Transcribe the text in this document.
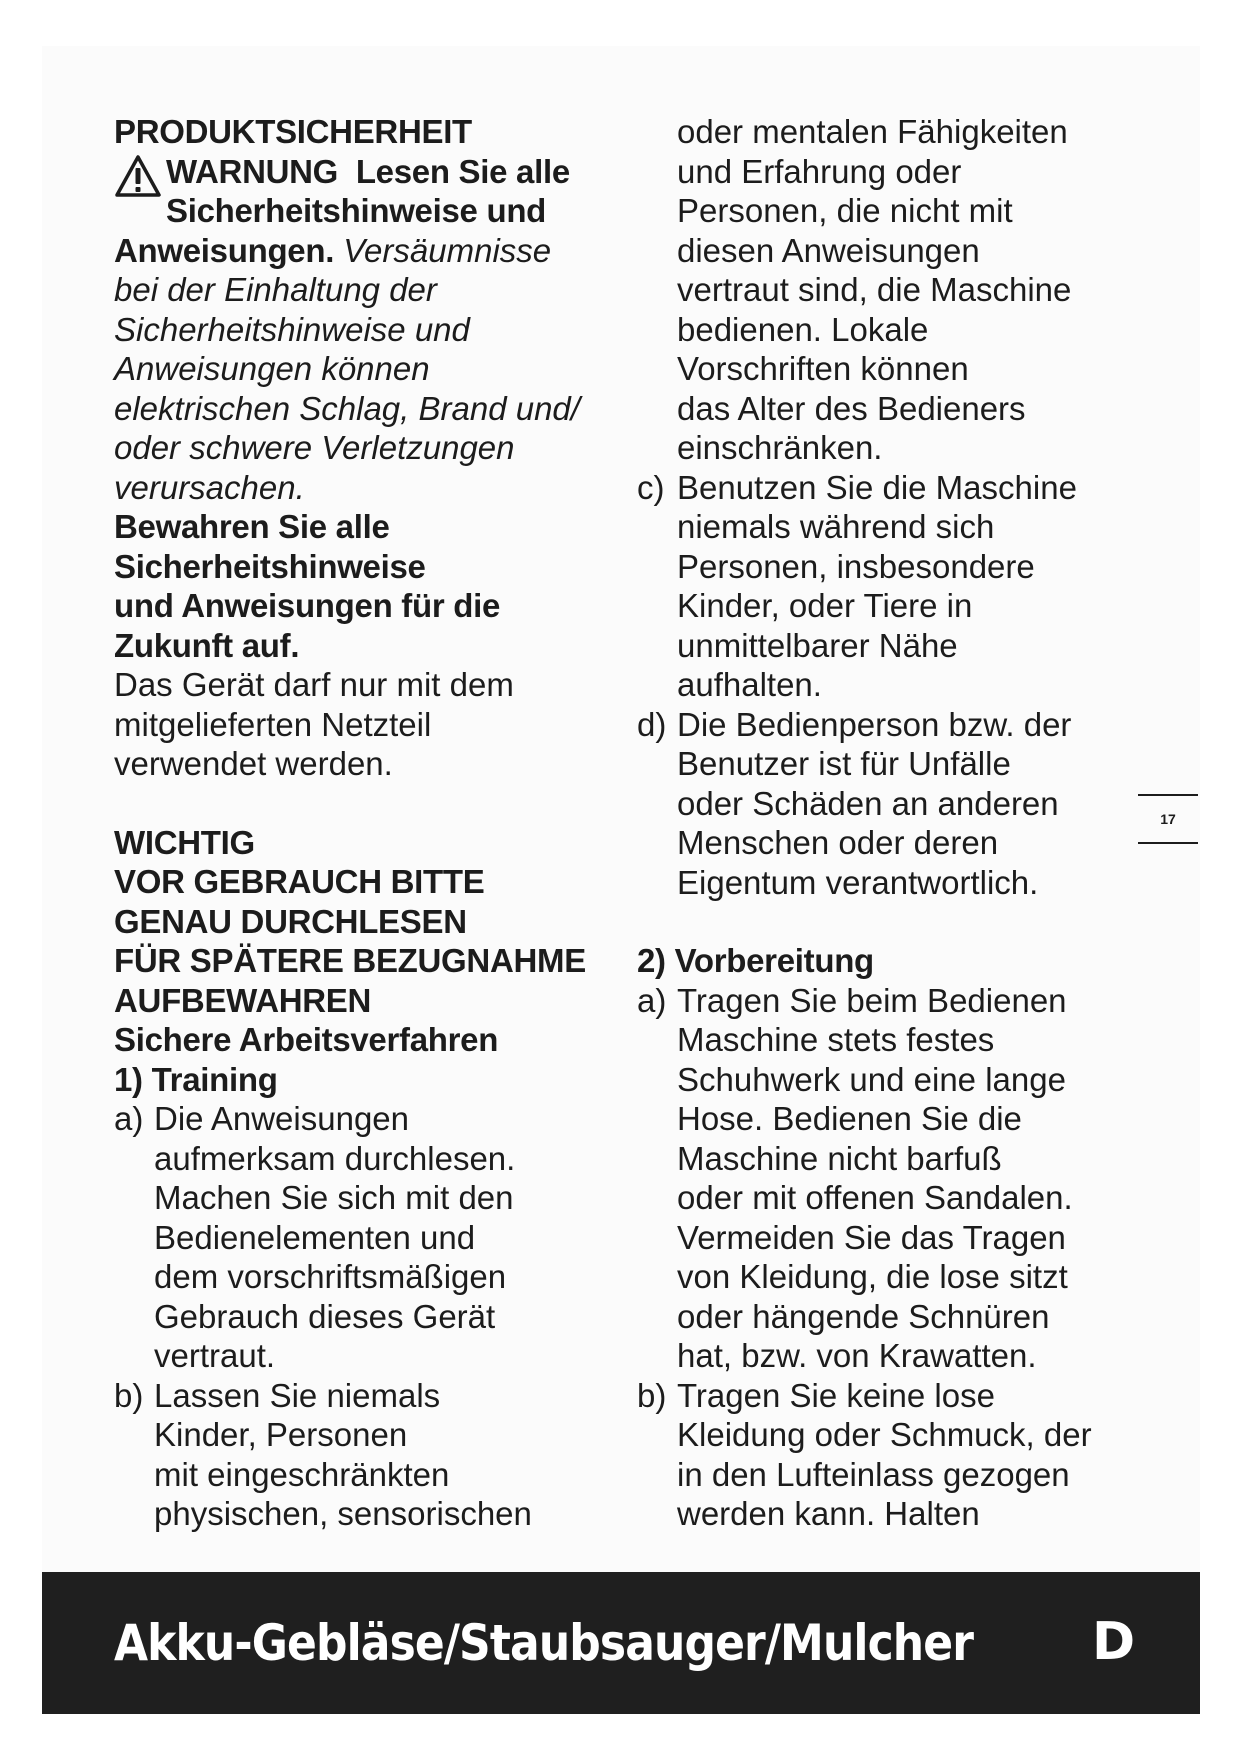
PRODUKTSICHERHEIT
WARNUNG Lesen Sie alle
Sicherheitshinweise und
Anweisungen. Versäumnisse
bei der Einhaltung der
Sicherheitshinweise und
Anweisungen können
elektrischen Schlag, Brand und/
oder schwere Verletzungen
verursachen.
Bewahren Sie alle
Sicherheitshinweise
und Anweisungen für die
Zukunft auf.
Das Gerät darf nur mit dem
mitgelieferten Netzteil
verwendet werden.
WICHTIG
VOR GEBRAUCH BITTE
GENAU DURCHLESEN
FÜR SPÄTERE BEZUGNAHME
AUFBEWAHREN
Sichere Arbeitsverfahren
1) Training
a) Die Anweisungen
aufmerksam durchlesen.
Machen Sie sich mit den
Bedienelementen und
dem vorschriftsmäßigen
Gebrauch dieses Gerät
vertraut.
b) Lassen Sie niemals
Kinder, Personen
mit eingeschränkten
physischen, sensorischen
oder mentalen Fähigkeiten
und Erfahrung oder
Personen, die nicht mit
diesen Anweisungen
vertraut sind, die Maschine
bedienen. Lokale
Vorschriften können
das Alter des Bedieners
einschränken.
c) Benutzen Sie die Maschine
niemals während sich
Personen, insbesondere
Kinder, oder Tiere in
unmittelbarer Nähe
aufhalten.
d) Die Bedienperson bzw. der
Benutzer ist für Unfälle
oder Schäden an anderen
Menschen oder deren
Eigentum verantwortlich.
2) Vorbereitung
a) Tragen Sie beim Bedienen
Maschine stets festes
Schuhwerk und eine lange
Hose. Bedienen Sie die
Maschine nicht barfuß
oder mit offenen Sandalen.
Vermeiden Sie das Tragen
von Kleidung, die lose sitzt
oder hängende Schnüren
hat, bzw. von Krawatten.
b) Tragen Sie keine lose
Kleidung oder Schmuck, der
in den Lufteinlass gezogen
werden kann. Halten
17
Akku-Gebläse/Staubsauger/Mulcher D
